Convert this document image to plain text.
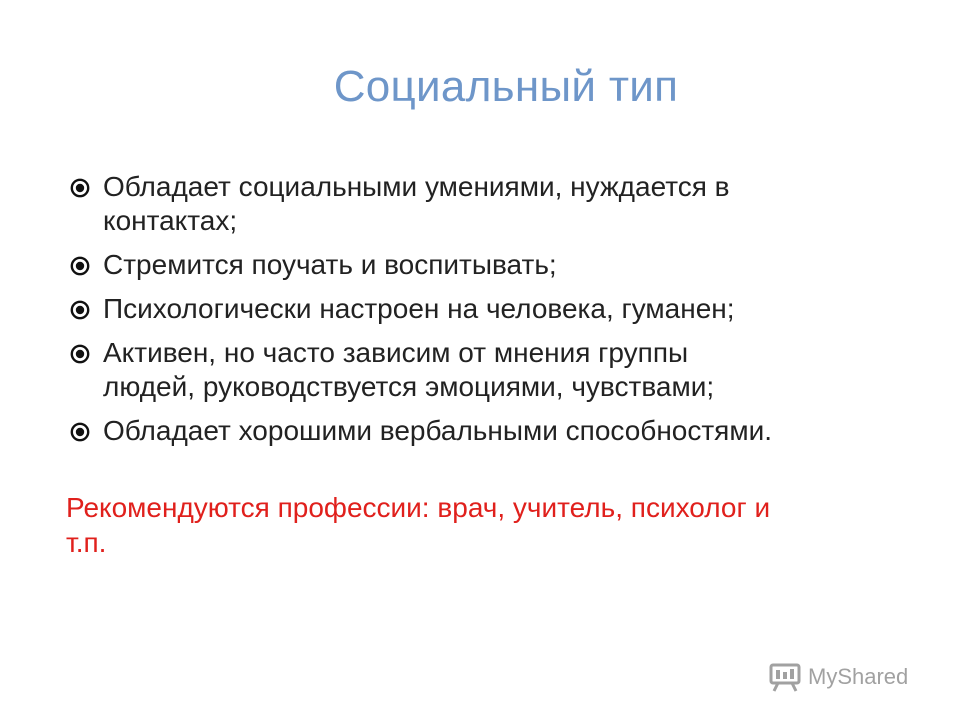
Социальный тип
Обладает социальными умениями, нуждается в
контактах;
Стремится поучать и воспитывать;
Психологически настроен на человека, гуманен;
Активен, но часто зависим от мнения группы
людей, руководствуется эмоциями, чувствами;
Обладает хорошими вербальными способностями.
Рекомендуются профессии: врач, учитель, психолог и
т.п.
MyShared
